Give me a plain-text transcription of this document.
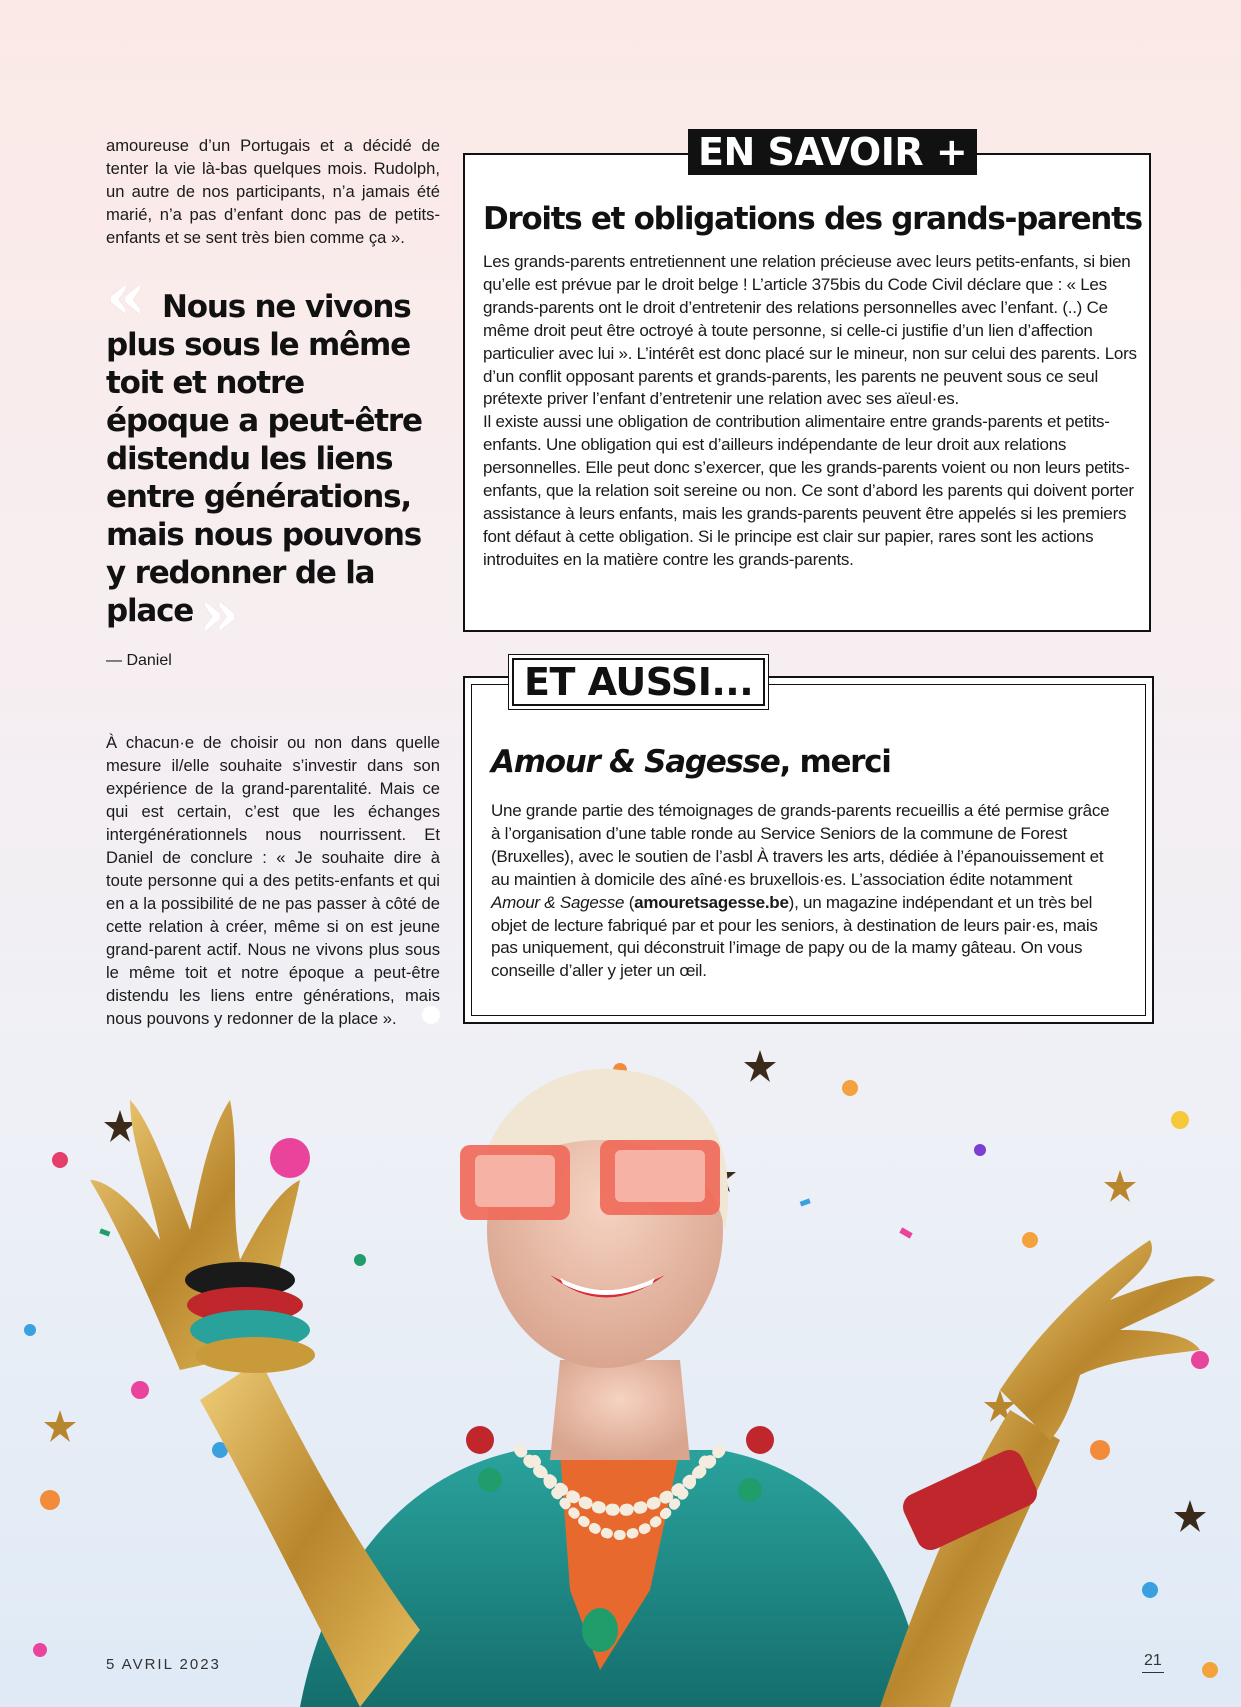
amoureuse d’un Portugais et a décidé de tenter la vie là-bas quelques mois. Rudolph, un autre de nos participants, n’a jamais été marié, n’a pas d’enfant donc pas de petits-enfants et se sent très bien comme ça ».
« Nous ne vivons plus sous le même toit et notre époque a peut-être distendu les liens entre générations, mais nous pouvons y redonner de la place»
— Daniel
À chacun·e de choisir ou non dans quelle mesure il/elle souhaite s’investir dans son expérience de la grand-parentalité. Mais ce qui est certain, c’est que les échanges intergénérationnels nous nourrissent. Et Daniel de conclure : « Je souhaite dire à toute personne qui a des petits-enfants et qui en a la possibilité de ne pas passer à côté de cette relation à créer, même si on est jeune grand-parent actif. Nous ne vivons plus sous le même toit et notre époque a peut-être distendu les liens entre générations, mais nous pouvons y redonner de la place ».
Droits et obligations des grands-parents

Les grands-parents entretiennent une relation précieuse avec leurs petits-enfants, si bien qu’elle est prévue par le droit belge ! L’article 375bis du Code Civil déclare que : « Les grands-parents ont le droit d’entretenir des relations personnelles avec l’enfant. (..) Ce même droit peut être octroyé à toute personne, si celle-ci justifie d’un lien d’affection particulier avec lui ». L’intérêt est donc placé sur le mineur, non sur celui des parents. Lors d’un conflit opposant parents et grands-parents, les parents ne peuvent sous ce seul prétexte priver l’enfant d’entretenir une relation avec ses aïeul·es.

Il existe aussi une obligation de contribution alimentaire entre grands-parents et petits-enfants. Une obligation qui est d’ailleurs indépendante de leur droit aux relations personnelles. Elle peut donc s’exercer, que les grands-parents voient ou non leurs petits-enfants, que la relation soit sereine ou non. Ce sont d’abord les parents qui doivent porter assistance à leurs enfants, mais les grands-parents peuvent être appelés si les premiers font défaut à cette obligation. Si le principe est clair sur papier, rares sont les actions introduites en la matière contre les grands-parents.

EN SAVOIR +
Amour & Sagesse, merci

Une grande partie des témoignages de grands-parents recueillis a été permise grâce à l’organisation d’une table ronde au Service Seniors de la commune de Forest (Bruxelles), avec le soutien de l’asbl À travers les arts, dédiée à l’épanouissement et au maintien à domicile des aîné·es bruxellois·es. L’association édite notamment Amour & Sagesse (amouretsagesse.be), un magazine indépendant et un très bel objet de lecture fabriqué par et pour les seniors, à destination de leurs pair·es, mais pas uniquement, qui déconstruit l’image de papy ou de la mamy gâteau. On vous conseille d’aller y jeter un œil.

ET AUSSI...
5 AVRIL 2023	21
